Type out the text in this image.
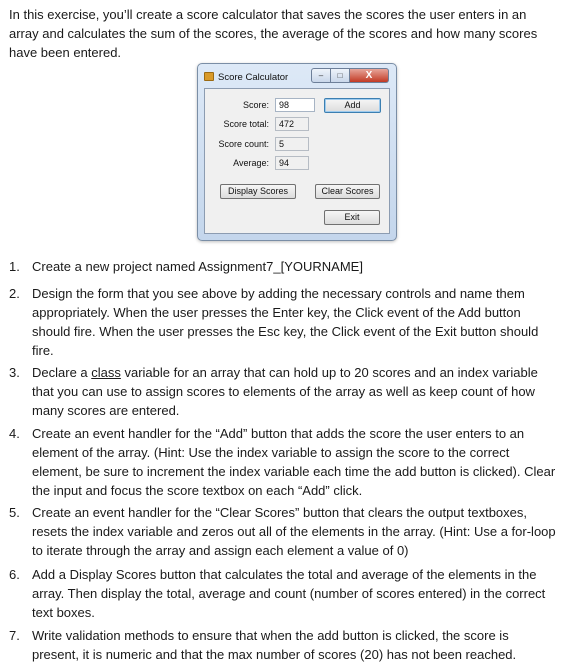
In this exercise, you’ll create a score calculator that saves the scores the user enters in an array and calculates the sum of the scores, the average of the scores and how many scores have been entered.

Score Calculator	–	□	X
Score:	98
Score total:	472
Score count:	5
Average:	94
Add
Display Scores	Clear Scores
Exit
1. Create a new project named Assignment7_[YOURNAME]
2. Design the form that you see above by adding the necessary controls and name them appropriately. When the user presses the Enter key, the Click event of the Add button should fire. When the user presses the Esc key, the Click event of the Exit button should fire.
3. Declare a class variable for an array that can hold up to 20 scores and an index variable that you can use to assign scores to elements of the array as well as keep count of how many scores are entered.
4. Create an event handler for the “Add” button that adds the score the user enters to an element of the array. (Hint: Use the index variable to assign the score to the correct element, be sure to increment the index variable each time the add button is clicked). Clear the input and focus the score textbox on each “Add” click.
5. Create an event handler for the “Clear Scores” button that clears the output textboxes, resets the index variable and zeros out all of the elements in the array. (Hint: Use a for-loop to iterate through the array and assign each element a value of 0)
6. Add a Display Scores button that calculates the total and average of the elements in the array. Then display the total, average and count (number of scores entered) in the correct text boxes.
7. Write validation methods to ensure that when the add button is clicked, the score is present, it is numeric and that the max number of scores (20) has not been reached.
